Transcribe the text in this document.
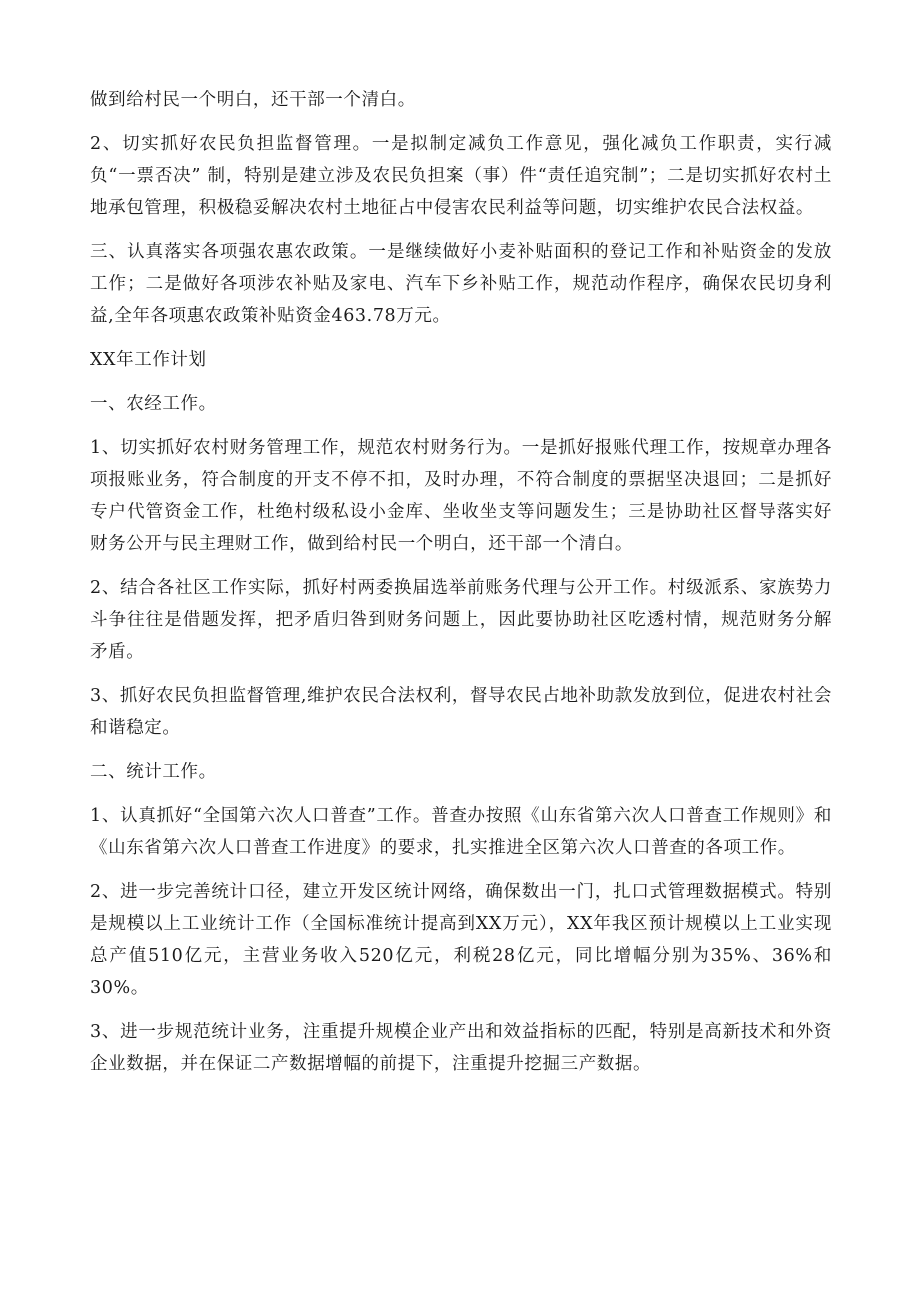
做到给村民一个明白，还干部一个清白。

2、切实抓好农民负担监督管理。一是拟制定减负工作意见，强化减负工作职责，实行减负“一票否决” 制，特别是建立涉及农民负担案（事）件“责任追究制”；二是切实抓好农村土地承包管理，积极稳妥解决农村土地征占中侵害农民利益等问题，切实维护农民合法权益。

三、认真落实各项强农惠农政策。一是继续做好小麦补贴面积的登记工作和补贴资金的发放工作；二是做好各项涉农补贴及家电、汽车下乡补贴工作，规范动作程序，确保农民切身利益,全年各项惠农政策补贴资金463.78万元。

XX年工作计划

一、农经工作。

1、切实抓好农村财务管理工作，规范农村财务行为。一是抓好报账代理工作，按规章办理各项报账业务，符合制度的开支不停不扣，及时办理，不符合制度的票据坚决退回；二是抓好专户代管资金工作，杜绝村级私设小金库、坐收坐支等问题发生；三是协助社区督导落实好财务公开与民主理财工作，做到给村民一个明白，还干部一个清白。

2、结合各社区工作实际，抓好村两委换届选举前账务代理与公开工作。村级派系、家族势力斗争往往是借题发挥，把矛盾归咎到财务问题上，因此要协助社区吃透村情，规范财务分解矛盾。

3、抓好农民负担监督管理,维护农民合法权利，督导农民占地补助款发放到位，促进农村社会和谐稳定。

二、统计工作。

1、认真抓好“全国第六次人口普查”工作。普查办按照《山东省第六次人口普查工作规则》和《山东省第六次人口普查工作进度》的要求，扎实推进全区第六次人口普查的各项工作。

2、进一步完善统计口径，建立开发区统计网络，确保数出一门，扎口式管理数据模式。特别是规模以上工业统计工作（全国标准统计提高到XX万元），XX年我区预计规模以上工业实现总产值510亿元，主营业务收入520亿元，利税28亿元，同比增幅分别为35%、36%和30%。

3、进一步规范统计业务，注重提升规模企业产出和效益指标的匹配，特别是高新技术和外资企业数据，并在保证二产数据增幅的前提下，注重提升挖掘三产数据。
